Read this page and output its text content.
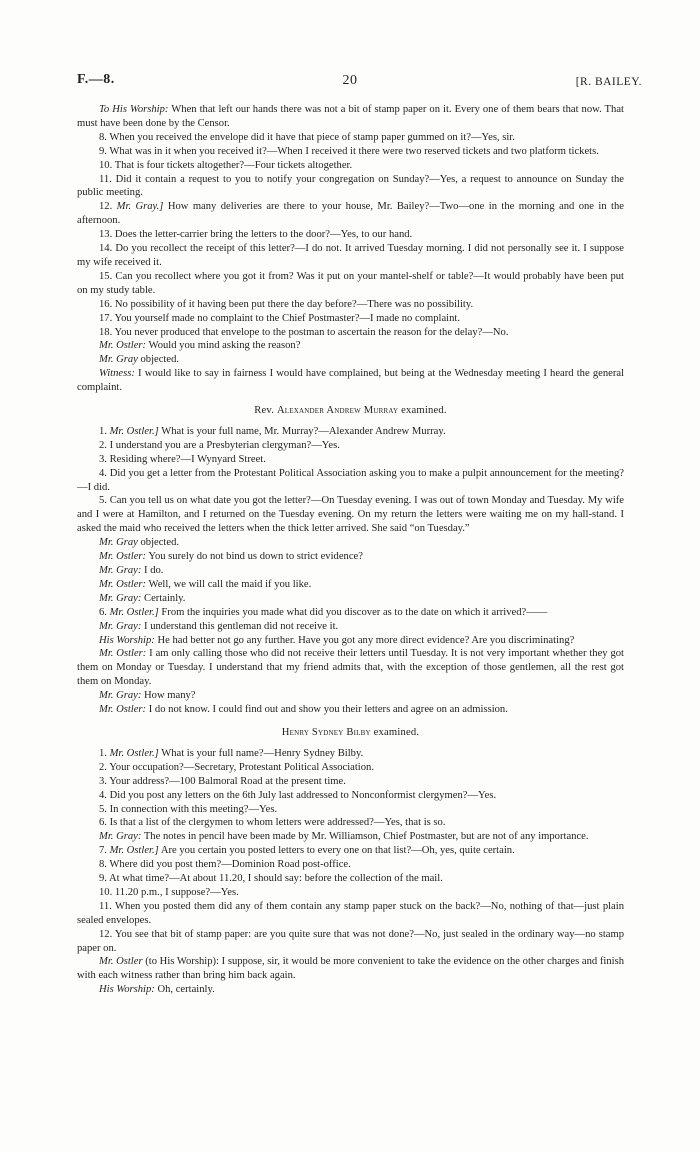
F.—8.	20	[R. BAILEY.

To His Worship: When that left our hands there was not a bit of stamp paper on it. Every one of them bears that now. That must have been done by the Censor.

8. When you received the envelope did it have that piece of stamp paper gummed on it?—Yes, sir.

9. What was in it when you received it?—When I received it there were two reserved tickets and two platform tickets.

10. That is four tickets altogether?—Four tickets altogether.

11. Did it contain a request to you to notify your congregation on Sunday?—Yes, a request to announce on Sunday the public meeting.

12. Mr. Gray.] How many deliveries are there to your house, Mr. Bailey?—Two—one in the morning and one in the afternoon.

13. Does the letter-carrier bring the letters to the door?—Yes, to our hand.

14. Do you recollect the receipt of this letter?—I do not. It arrived Tuesday morning. I did not personally see it. I suppose my wife received it.

15. Can you recollect where you got it from? Was it put on your mantel-shelf or table?—It would probably have been put on my study table.

16. No possibility of it having been put there the day before?—There was no possibility.

17. You yourself made no complaint to the Chief Postmaster?—I made no complaint.

18. You never produced that envelope to the postman to ascertain the reason for the delay?—No.

Mr. Ostler: Would you mind asking the reason?

Mr. Gray objected.

Witness: I would like to say in fairness I would have complained, but being at the Wednesday meeting I heard the general complaint.

Rev. Alexander Andrew Murray examined.

1. Mr. Ostler.] What is your full name, Mr. Murray?—Alexander Andrew Murray.

2. I understand you are a Presbyterian clergyman?—Yes.

3. Residing where?—I Wynyard Street.

4. Did you get a letter from the Protestant Political Association asking you to make a pulpit announcement for the meeting?—I did.

5. Can you tell us on what date you got the letter?—On Tuesday evening. I was out of town Monday and Tuesday. My wife and I were at Hamilton, and I returned on the Tuesday evening. On my return the letters were waiting me on my hall-stand. I asked the maid who received the letters when the thick letter arrived. She said “on Tuesday.”

Mr. Gray objected.

Mr. Ostler: You surely do not bind us down to strict evidence?

Mr. Gray: I do.

Mr. Ostler: Well, we will call the maid if you like.

Mr. Gray: Certainly.

6. Mr. Ostler.] From the inquiries you made what did you discover as to the date on which it arrived?——

Mr. Gray: I understand this gentleman did not receive it.

His Worship: He had better not go any further. Have you got any more direct evidence? Are you discriminating?

Mr. Ostler: I am only calling those who did not receive their letters until Tuesday. It is not very important whether they got them on Monday or Tuesday. I understand that my friend admits that, with the exception of those gentlemen, all the rest got them on Monday.

Mr. Gray: How many?

Mr. Ostler: I do not know. I could find out and show you their letters and agree on an admission.

Henry Sydney Bilby examined.

1. Mr. Ostler.] What is your full name?—Henry Sydney Bilby.

2. Your occupation?—Secretary, Protestant Political Association.

3. Your address?—100 Balmoral Road at the present time.

4. Did you post any letters on the 6th July last addressed to Nonconformist clergymen?—Yes.

5. In connection with this meeting?—Yes.

6. Is that a list of the clergymen to whom letters were addressed?—Yes, that is so.

Mr. Gray: The notes in pencil have been made by Mr. Williamson, Chief Postmaster, but are not of any importance.

7. Mr. Ostler.] Are you certain you posted letters to every one on that list?—Oh, yes, quite certain.

8. Where did you post them?—Dominion Road post-office.

9. At what time?—At about 11.20, I should say: before the collection of the mail.

10. 11.20 p.m., I suppose?—Yes.

11. When you posted them did any of them contain any stamp paper stuck on the back?—No, nothing of that—just plain sealed envelopes.

12. You see that bit of stamp paper: are you quite sure that was not done?—No, just sealed in the ordinary way—no stamp paper on.

Mr. Ostler (to His Worship): I suppose, sir, it would be more convenient to take the evidence on the other charges and finish with each witness rather than bring him back again.

His Worship: Oh, certainly.
